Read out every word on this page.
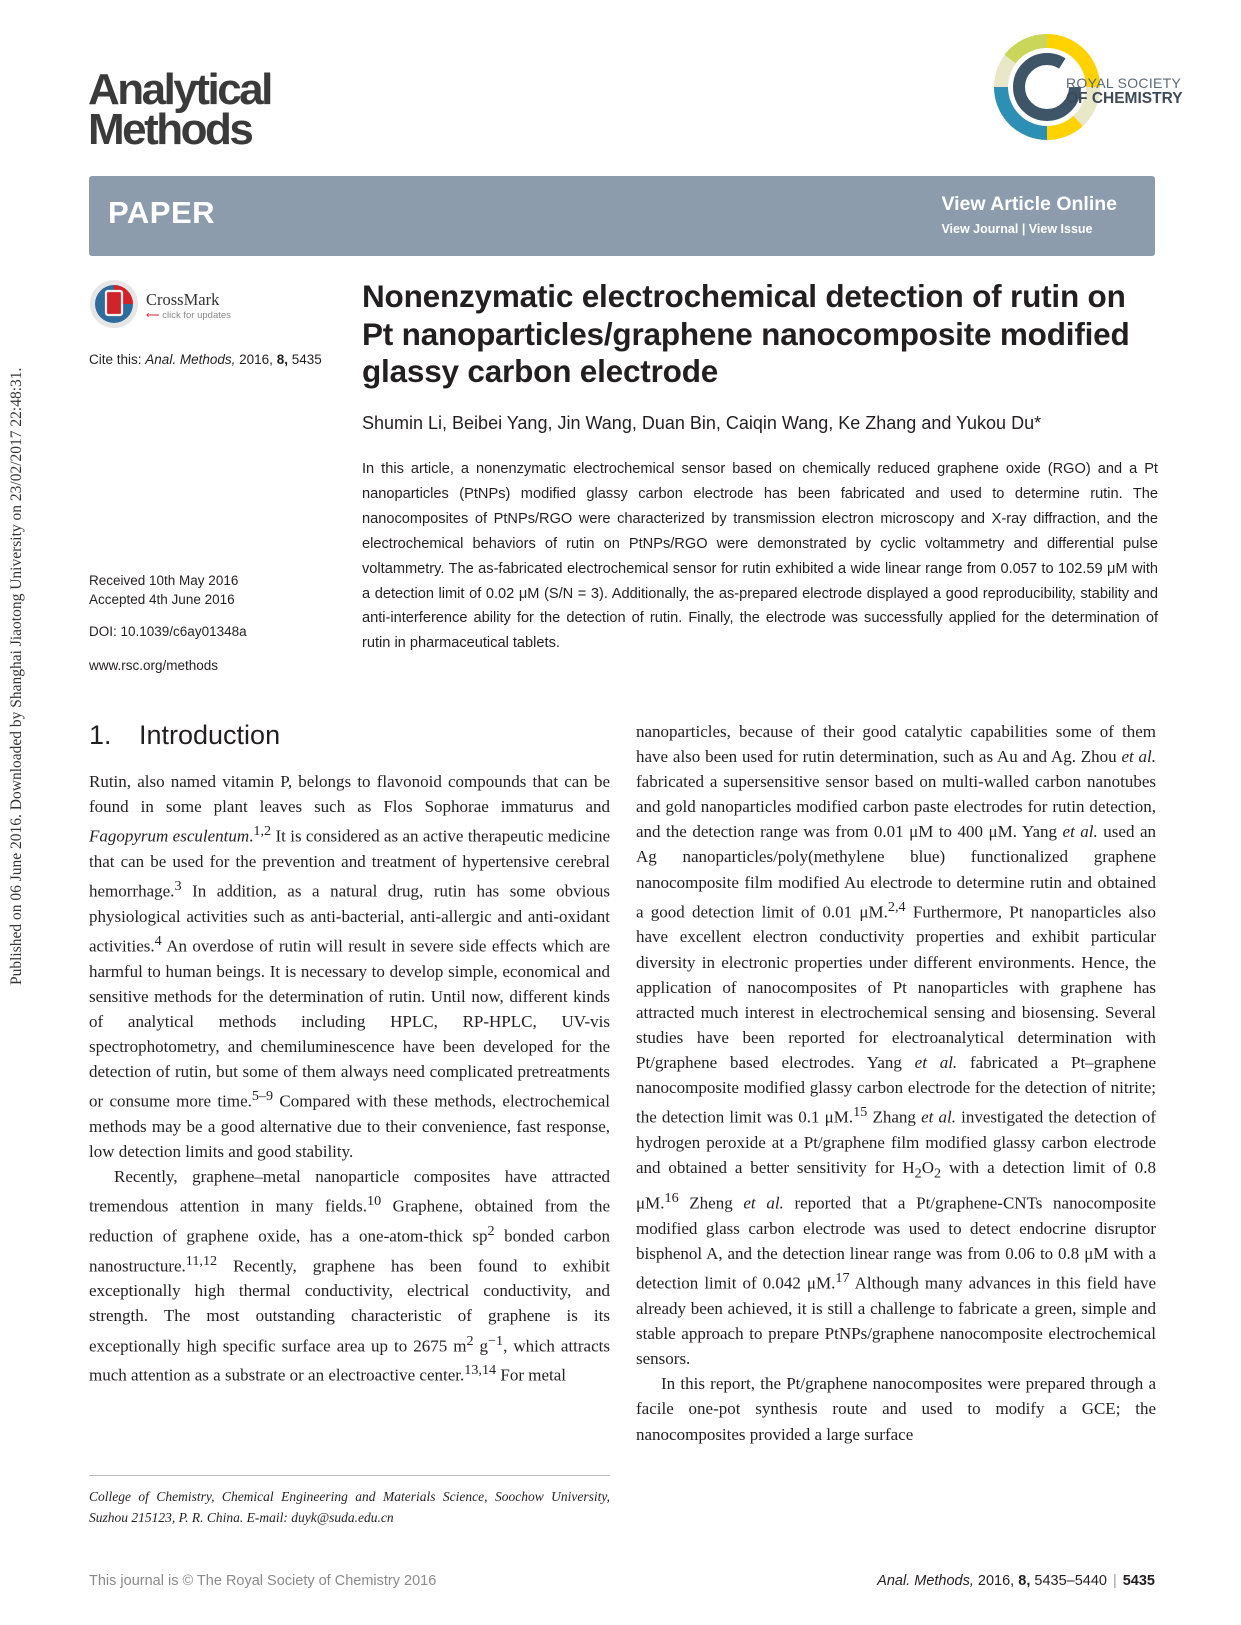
Published on 06 June 2016. Downloaded by Shanghai Jiaotong University on 23/02/2017 22:48:31.
Analytical
Methods
ROYAL SOCIETY
OF CHEMISTRY
PAPER	View Article Online
View Journal | View Issue
CrossMark
⟵ click for updates
Cite this: Anal. Methods, 2016, 8, 5435
Received 10th May 2016
Accepted 4th June 2016
DOI: 10.1039/c6ay01348a
www.rsc.org/methods
Nonenzymatic electrochemical detection of rutin on Pt nanoparticles/graphene nanocomposite modified glassy carbon electrode
Shumin Li, Beibei Yang, Jin Wang, Duan Bin, Caiqin Wang, Ke Zhang and Yukou Du*
In this article, a nonenzymatic electrochemical sensor based on chemically reduced graphene oxide (RGO) and a Pt nanoparticles (PtNPs) modified glassy carbon electrode has been fabricated and used to determine rutin. The nanocomposites of PtNPs/RGO were characterized by transmission electron microscopy and X-ray diffraction, and the electrochemical behaviors of rutin on PtNPs/RGO were demonstrated by cyclic voltammetry and differential pulse voltammetry. The as-fabricated electrochemical sensor for rutin exhibited a wide linear range from 0.057 to 102.59 μM with a detection limit of 0.02 μM (S/N = 3). Additionally, the as-prepared electrode displayed a good reproducibility, stability and anti-interference ability for the detection of rutin. Finally, the electrode was successfully applied for the determination of rutin in pharmaceutical tablets.
1. Introduction

Rutin, also named vitamin P, belongs to flavonoid compounds that can be found in some plant leaves such as Flos Sophorae immaturus and Fagopyrum esculentum.$^{1,2}$ It is considered as an active therapeutic medicine that can be used for the prevention and treatment of hypertensive cerebral hemorrhage.$^3$ In addition, as a natural drug, rutin has some obvious physiological activities such as anti-bacterial, anti-allergic and anti-oxidant activities.$^4$ An overdose of rutin will result in severe side effects which are harmful to human beings. It is necessary to develop simple, economical and sensitive methods for the determination of rutin. Until now, different kinds of analytical methods including HPLC, RP-HPLC, UV-vis spectrophotometry, and chemiluminescence have been developed for the detection of rutin, but some of them always need complicated pretreatments or consume more time.$^{5-9}$ Compared with these methods, electrochemical methods may be a good alternative due to their convenience, fast response, low detection limits and good stability.

Recently, graphene–metal nanoparticle composites have attracted tremendous attention in many fields.$^{10}$ Graphene, obtained from the reduction of graphene oxide, has a one-atom-thick $sp^2$ bonded carbon nanostructure.$^{11,12}$ Recently, graphene has been found to exhibit exceptionally high thermal conductivity, electrical conductivity, and strength. The most outstanding characteristic of graphene is its exceptionally high specific surface area up to 2675 $m^2$ $g^{-1}$, which attracts much attention as a substrate or an electroactive center.$^{13,14}$ For metal

College of Chemistry, Chemical Engineering and Materials Science, Soochow University, Suzhou 215123, P. R. China. E-mail: duyk@suda.edu.cn

nanoparticles, because of their good catalytic capabilities some of them have also been used for rutin determination, such as Au and Ag. Zhou et al. fabricated a supersensitive sensor based on multi-walled carbon nanotubes and gold nanoparticles modified carbon paste electrodes for rutin detection, and the detection range was from 0.01 μM to 400 μM. Yang et al. used an Ag nanoparticles/poly(methylene blue) functionalized graphene nanocomposite film modified Au electrode to determine rutin and obtained a good detection limit of 0.01 μM.$^{2,4}$ Furthermore, Pt nanoparticles also have excellent electron conductivity properties and exhibit particular diversity in electronic properties under different environments. Hence, the application of nanocomposites of Pt nanoparticles with graphene has attracted much interest in electrochemical sensing and biosensing. Several studies have been reported for electroanalytical determination with Pt/graphene based electrodes. Yang et al. fabricated a Pt–graphene nanocomposite modified glassy carbon electrode for the detection of nitrite; the detection limit was 0.1 μM.$^{15}$ Zhang et al. investigated the detection of hydrogen peroxide at a Pt/graphene film modified glassy carbon electrode and obtained a better sensitivity for $H_2O_2$ with a detection limit of 0.8 μM.$^{16}$ Zheng et al. reported that a Pt/graphene-CNTs nanocomposite modified glass carbon electrode was used to detect endocrine disruptor bisphenol A, and the detection linear range was from 0.06 to 0.8 μM with a detection limit of 0.042 μM.$^{17}$ Although many advances in this field have already been achieved, it is still a challenge to fabricate a green, simple and stable approach to prepare PtNPs/graphene nanocomposite electrochemical sensors.

In this report, the Pt/graphene nanocomposites were prepared through a facile one-pot synthesis route and used to modify a GCE; the nanocomposites provided a large surface

This journal is © The Royal Society of Chemistry 2016	Anal. Methods, 2016, 8, 5435–5440 | 5435
